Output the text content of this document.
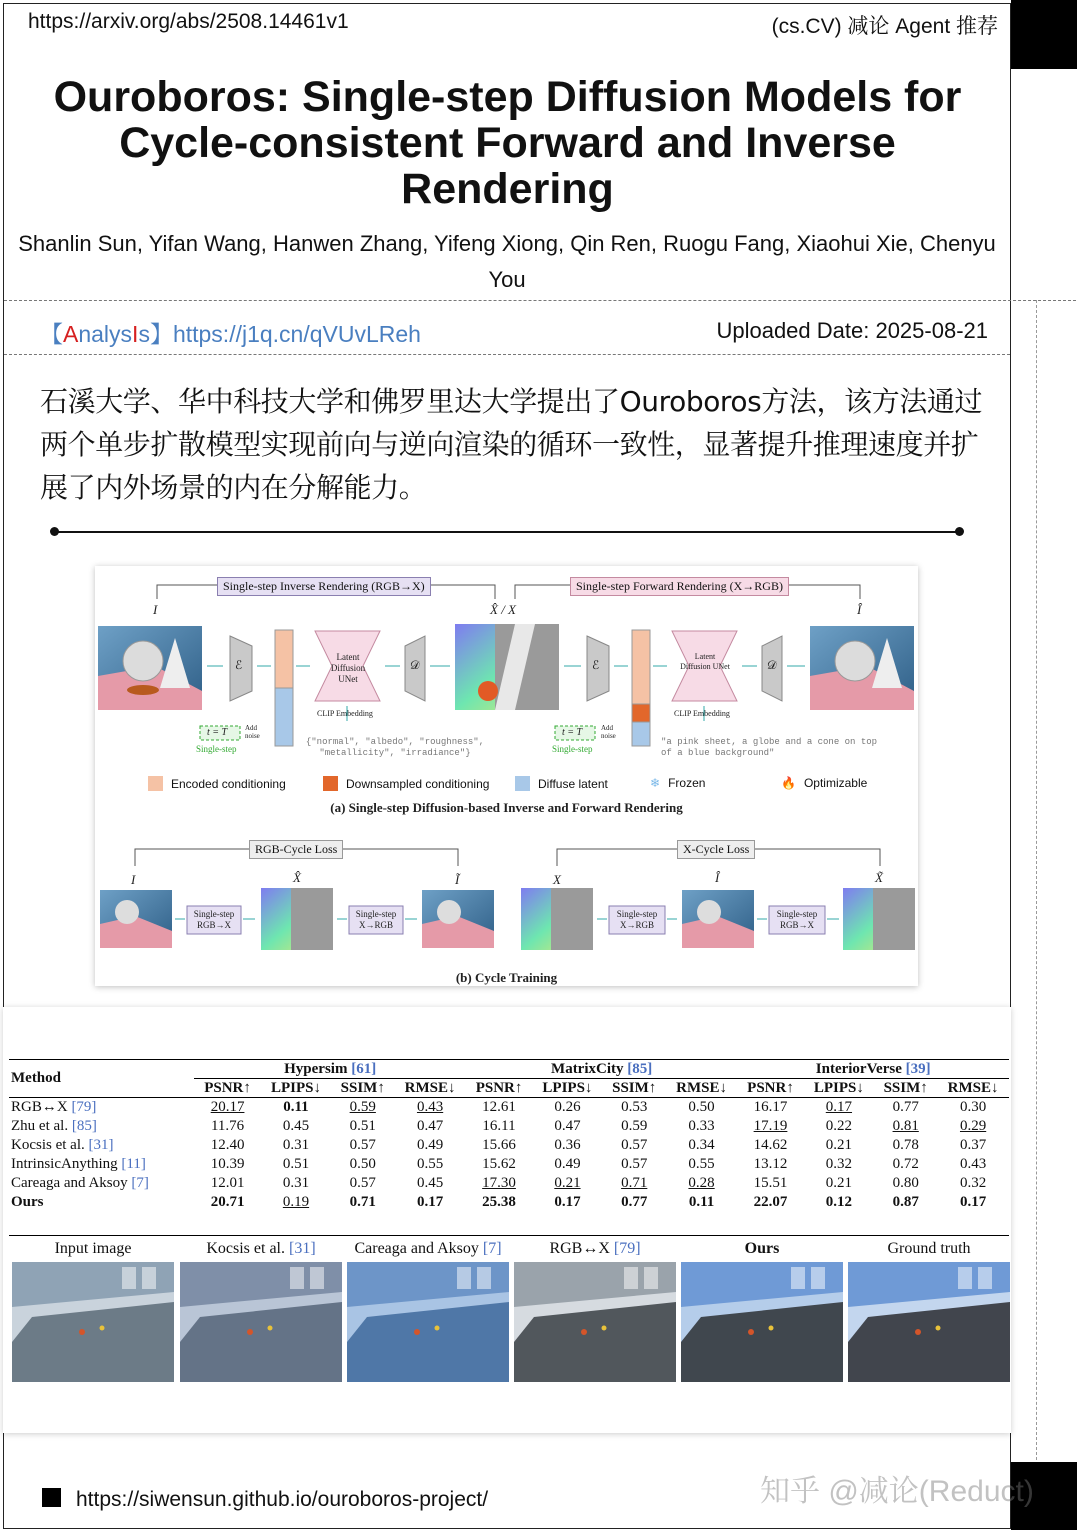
https://arxiv.org/abs/2508.14461v1	(cs.CV) 减论 Agent 推荐
Ouroboros: Single-step Diffusion Models for Cycle-consistent Forward and Inverse Rendering
Shanlin Sun, Yifan Wang, Hanwen Zhang, Yifeng Xiong, Qin Ren, Ruogu Fang, Xiaohui Xie, Chenyu You
【AnalysIs】https://j1q.cn/qVUvLReh	Uploaded Date: 2025-08-21
石溪大学、华中科技大学和佛罗里达大学提出了Ouroboros方法，该方法通过两个单步扩散模型实现前向与逆向渲染的循环一致性，显著提升推理速度并扩展了内外场景的内在分解能力。
Single-step Inverse Rendering (RGB→X)	Single-step Forward Rendering (X→RGB)
I	X̂ / X	Î
ℰ	𝒟	ℰ	𝒟
Latent Diffusion UNet
Latent Diffusion UNet
CLIP Embedding	CLIP Embedding
t = T	t = T
Single-step	Single-step
Add noise
Add noise
{"normal", "albedo", "roughness", "metallicity", "irradiance"}
"a pink sheet, a globe and a cone on top of a blue background"
Encoded conditioning	Downsampled conditioning	Diffuse latent	❄ Frozen	🔥 Optimizable
(a) Single-step Diffusion-based Inverse and Forward Rendering
RGB-Cycle Loss	X-Cycle Loss
I	X̂	Ĩ	X	Î	X̃
Single-step RGB→X
Single-step X→RGB
Single-step X→RGB
Single-step RGB→X
(b) Cycle Training
Method	Hypersim [61]				MatrixCity [85]				InteriorVerse [39]			
	PSNR↑	LPIPS↓	SSIM↑	RMSE↓	PSNR↑	LPIPS↓	SSIM↑	RMSE↓	PSNR↑	LPIPS↓	SSIM↑	RMSE↓
RGB↔X [79]	20.17	0.11	0.59	0.43	12.61	0.26	0.53	0.50	16.17	0.17	0.77	0.30
Zhu et al. [85]	11.76	0.45	0.51	0.47	16.11	0.47	0.59	0.33	17.19	0.22	0.81	0.29
Kocsis et al. [31]	12.40	0.31	0.57	0.49	15.66	0.36	0.57	0.34	14.62	0.21	0.78	0.37
IntrinsicAnything [11]	10.39	0.51	0.50	0.55	15.62	0.49	0.57	0.55	13.12	0.32	0.72	0.43
Careaga and Aksoy [7]	12.01	0.31	0.57	0.45	17.30	0.21	0.71	0.28	15.51	0.21	0.80	0.32
Ours	20.71	0.19	0.71	0.17	25.38	0.17	0.77	0.11	22.07	0.12	0.87	0.17
Input image	Kocsis et al. [31]	Careaga and Aksoy [7]	RGB↔X [79]	Ours	Ground truth
https://siwensun.github.io/ouroboros-project/	知乎 @减论(Reduct)
